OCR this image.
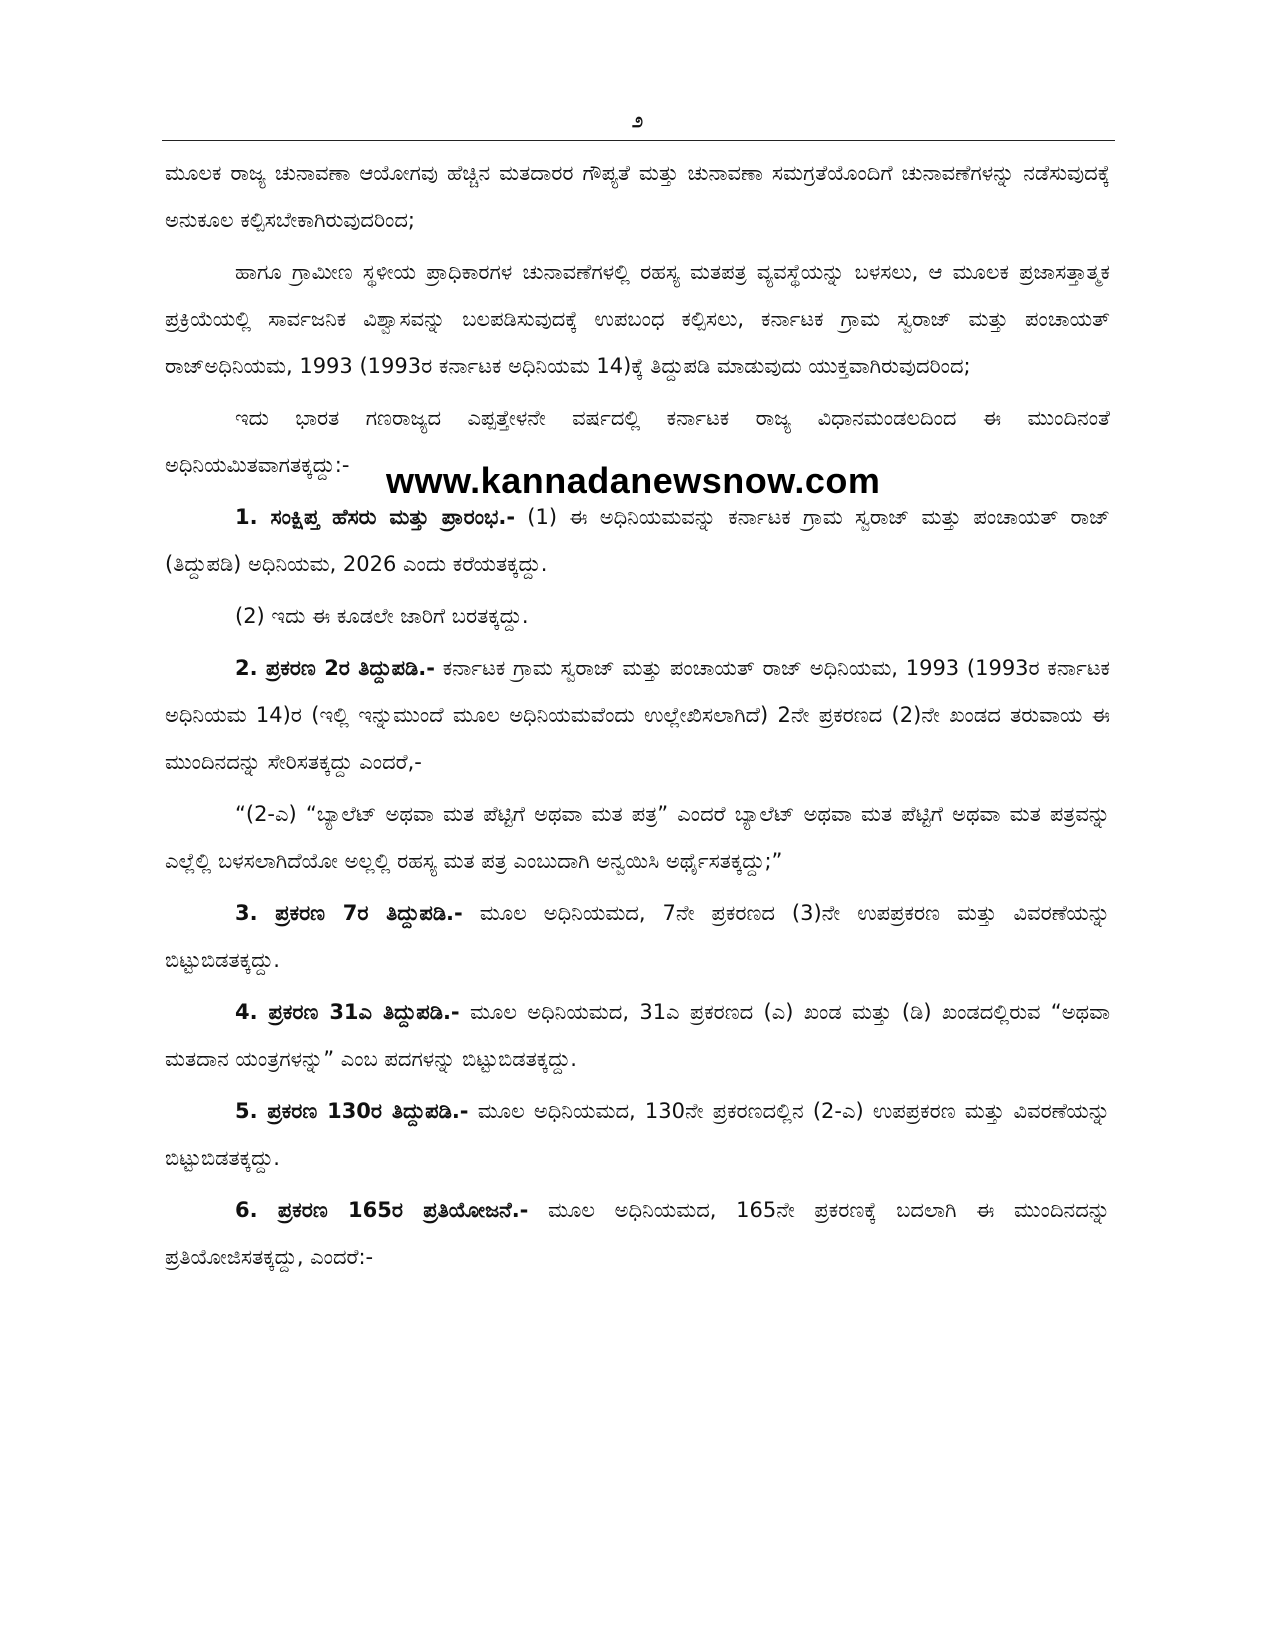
೨

ಮೂಲಕ ರಾಜ್ಯ ಚುನಾವಣಾ ಆಯೋಗವು ಹೆಚ್ಚಿನ ಮತದಾರರ ಗೌಪ್ಯತೆ ಮತ್ತು ಚುನಾವಣಾ ಸಮಗ್ರತೆಯೊಂದಿಗೆ ಚುನಾವಣೆಗಳನ್ನು ನಡೆಸುವುದಕ್ಕೆ ಅನುಕೂಲ ಕಲ್ಪಿಸಬೇಕಾಗಿರುವುದರಿಂದ;

ಹಾಗೂ ಗ್ರಾಮೀಣ ಸ್ಥಳೀಯ ಪ್ರಾಧಿಕಾರಗಳ ಚುನಾವಣೆಗಳಲ್ಲಿ ರಹಸ್ಯ ಮತಪತ್ರ ವ್ಯವಸ್ಥೆಯನ್ನು ಬಳಸಲು, ಆ ಮೂಲಕ ಪ್ರಜಾಸತ್ತಾತ್ಮಕ ಪ್ರಕ್ರಿಯೆಯಲ್ಲಿ ಸಾರ್ವಜನಿಕ ವಿಶ್ವಾಸವನ್ನು ಬಲಪಡಿಸುವುದಕ್ಕೆ ಉಪಬಂಧ ಕಲ್ಪಿಸಲು, ಕರ್ನಾಟಕ ಗ್ರಾಮ ಸ್ವರಾಜ್ ಮತ್ತು ಪಂಚಾಯತ್ ರಾಜ್ಅಧಿನಿಯಮ, 1993 (1993ರ ಕರ್ನಾಟಕ ಅಧಿನಿಯಮ 14)ಕ್ಕೆ ತಿದ್ದುಪಡಿ ಮಾಡುವುದು ಯುಕ್ತವಾಗಿರುವುದರಿಂದ;

ಇದು ಭಾರತ ಗಣರಾಜ್ಯದ ಎಪ್ಪತ್ತೇಳನೇ ವರ್ಷದಲ್ಲಿ ಕರ್ನಾಟಕ ರಾಜ್ಯ ವಿಧಾನಮಂಡಲದಿಂದ ಈ ಮುಂದಿನಂತೆ ಅಧಿನಿಯಮಿತವಾಗತಕ್ಕದ್ದು:-

1. ಸಂಕ್ಷಿಪ್ತ ಹೆಸರು ಮತ್ತು ಪ್ರಾರಂಭ.- (1) ಈ ಅಧಿನಿಯಮವನ್ನು ಕರ್ನಾಟಕ ಗ್ರಾಮ ಸ್ವರಾಜ್ ಮತ್ತು ಪಂಚಾಯತ್ ರಾಜ್ (ತಿದ್ದುಪಡಿ) ಅಧಿನಿಯಮ, 2026 ಎಂದು ಕರೆಯತಕ್ಕದ್ದು.

(2) ಇದು ಈ ಕೂಡಲೇ ಜಾರಿಗೆ ಬರತಕ್ಕದ್ದು.

2. ಪ್ರಕರಣ 2ರ ತಿದ್ದುಪಡಿ.- ಕರ್ನಾಟಕ ಗ್ರಾಮ ಸ್ವರಾಜ್ ಮತ್ತು ಪಂಚಾಯತ್ ರಾಜ್ ಅಧಿನಿಯಮ, 1993 (1993ರ ಕರ್ನಾಟಕ ಅಧಿನಿಯಮ 14)ರ (ಇಲ್ಲಿ ಇನ್ನುಮುಂದೆ ಮೂಲ ಅಧಿನಿಯಮವೆಂದು ಉಲ್ಲೇಖಿಸಲಾಗಿದೆ) 2ನೇ ಪ್ರಕರಣದ (2)ನೇ ಖಂಡದ ತರುವಾಯ ಈ ಮುಂದಿನದನ್ನು ಸೇರಿಸತಕ್ಕದ್ದು ಎಂದರೆ,-

“(2-ಎ) “ಬ್ಯಾಲೆಟ್ ಅಥವಾ ಮತ ಪೆಟ್ಟಿಗೆ ಅಥವಾ ಮತ ಪತ್ರ” ಎಂದರೆ ಬ್ಯಾಲೆಟ್ ಅಥವಾ ಮತ ಪೆಟ್ಟಿಗೆ ಅಥವಾ ಮತ ಪತ್ರವನ್ನು ಎಲ್ಲೆಲ್ಲಿ ಬಳಸಲಾಗಿದೆಯೋ ಅಲ್ಲಲ್ಲಿ ರಹಸ್ಯ ಮತ ಪತ್ರ ಎಂಬುದಾಗಿ ಅನ್ವಯಿಸಿ ಅರ್ಥೈಸತಕ್ಕದ್ದು;”

3. ಪ್ರಕರಣ 7ರ ತಿದ್ದುಪಡಿ.- ಮೂಲ ಅಧಿನಿಯಮದ, 7ನೇ ಪ್ರಕರಣದ (3)ನೇ ಉಪಪ್ರಕರಣ ಮತ್ತು ವಿವರಣೆಯನ್ನು ಬಿಟ್ಟುಬಿಡತಕ್ಕದ್ದು.

4. ಪ್ರಕರಣ 31ಎ ತಿದ್ದುಪಡಿ.- ಮೂಲ ಅಧಿನಿಯಮದ, 31ಎ ಪ್ರಕರಣದ (ಎ) ಖಂಡ ಮತ್ತು (ಡಿ) ಖಂಡದಲ್ಲಿರುವ “ಅಥವಾ ಮತದಾನ ಯಂತ್ರಗಳನ್ನು” ಎಂಬ ಪದಗಳನ್ನು ಬಿಟ್ಟುಬಿಡತಕ್ಕದ್ದು.

5. ಪ್ರಕರಣ 130ರ ತಿದ್ದುಪಡಿ.- ಮೂಲ ಅಧಿನಿಯಮದ, 130ನೇ ಪ್ರಕರಣದಲ್ಲಿನ (2-ಎ) ಉಪಪ್ರಕರಣ ಮತ್ತು ವಿವರಣೆಯನ್ನು ಬಿಟ್ಟುಬಿಡತಕ್ಕದ್ದು.

6. ಪ್ರಕರಣ 165ರ ಪ್ರತಿಯೋಜನೆ.- ಮೂಲ ಅಧಿನಿಯಮದ, 165ನೇ ಪ್ರಕರಣಕ್ಕೆ ಬದಲಾಗಿ ಈ ಮುಂದಿನದನ್ನು ಪ್ರತಿಯೋಜಿಸತಕ್ಕದ್ದು, ಎಂದರೆ:-

www.kannadanewsnow.com
